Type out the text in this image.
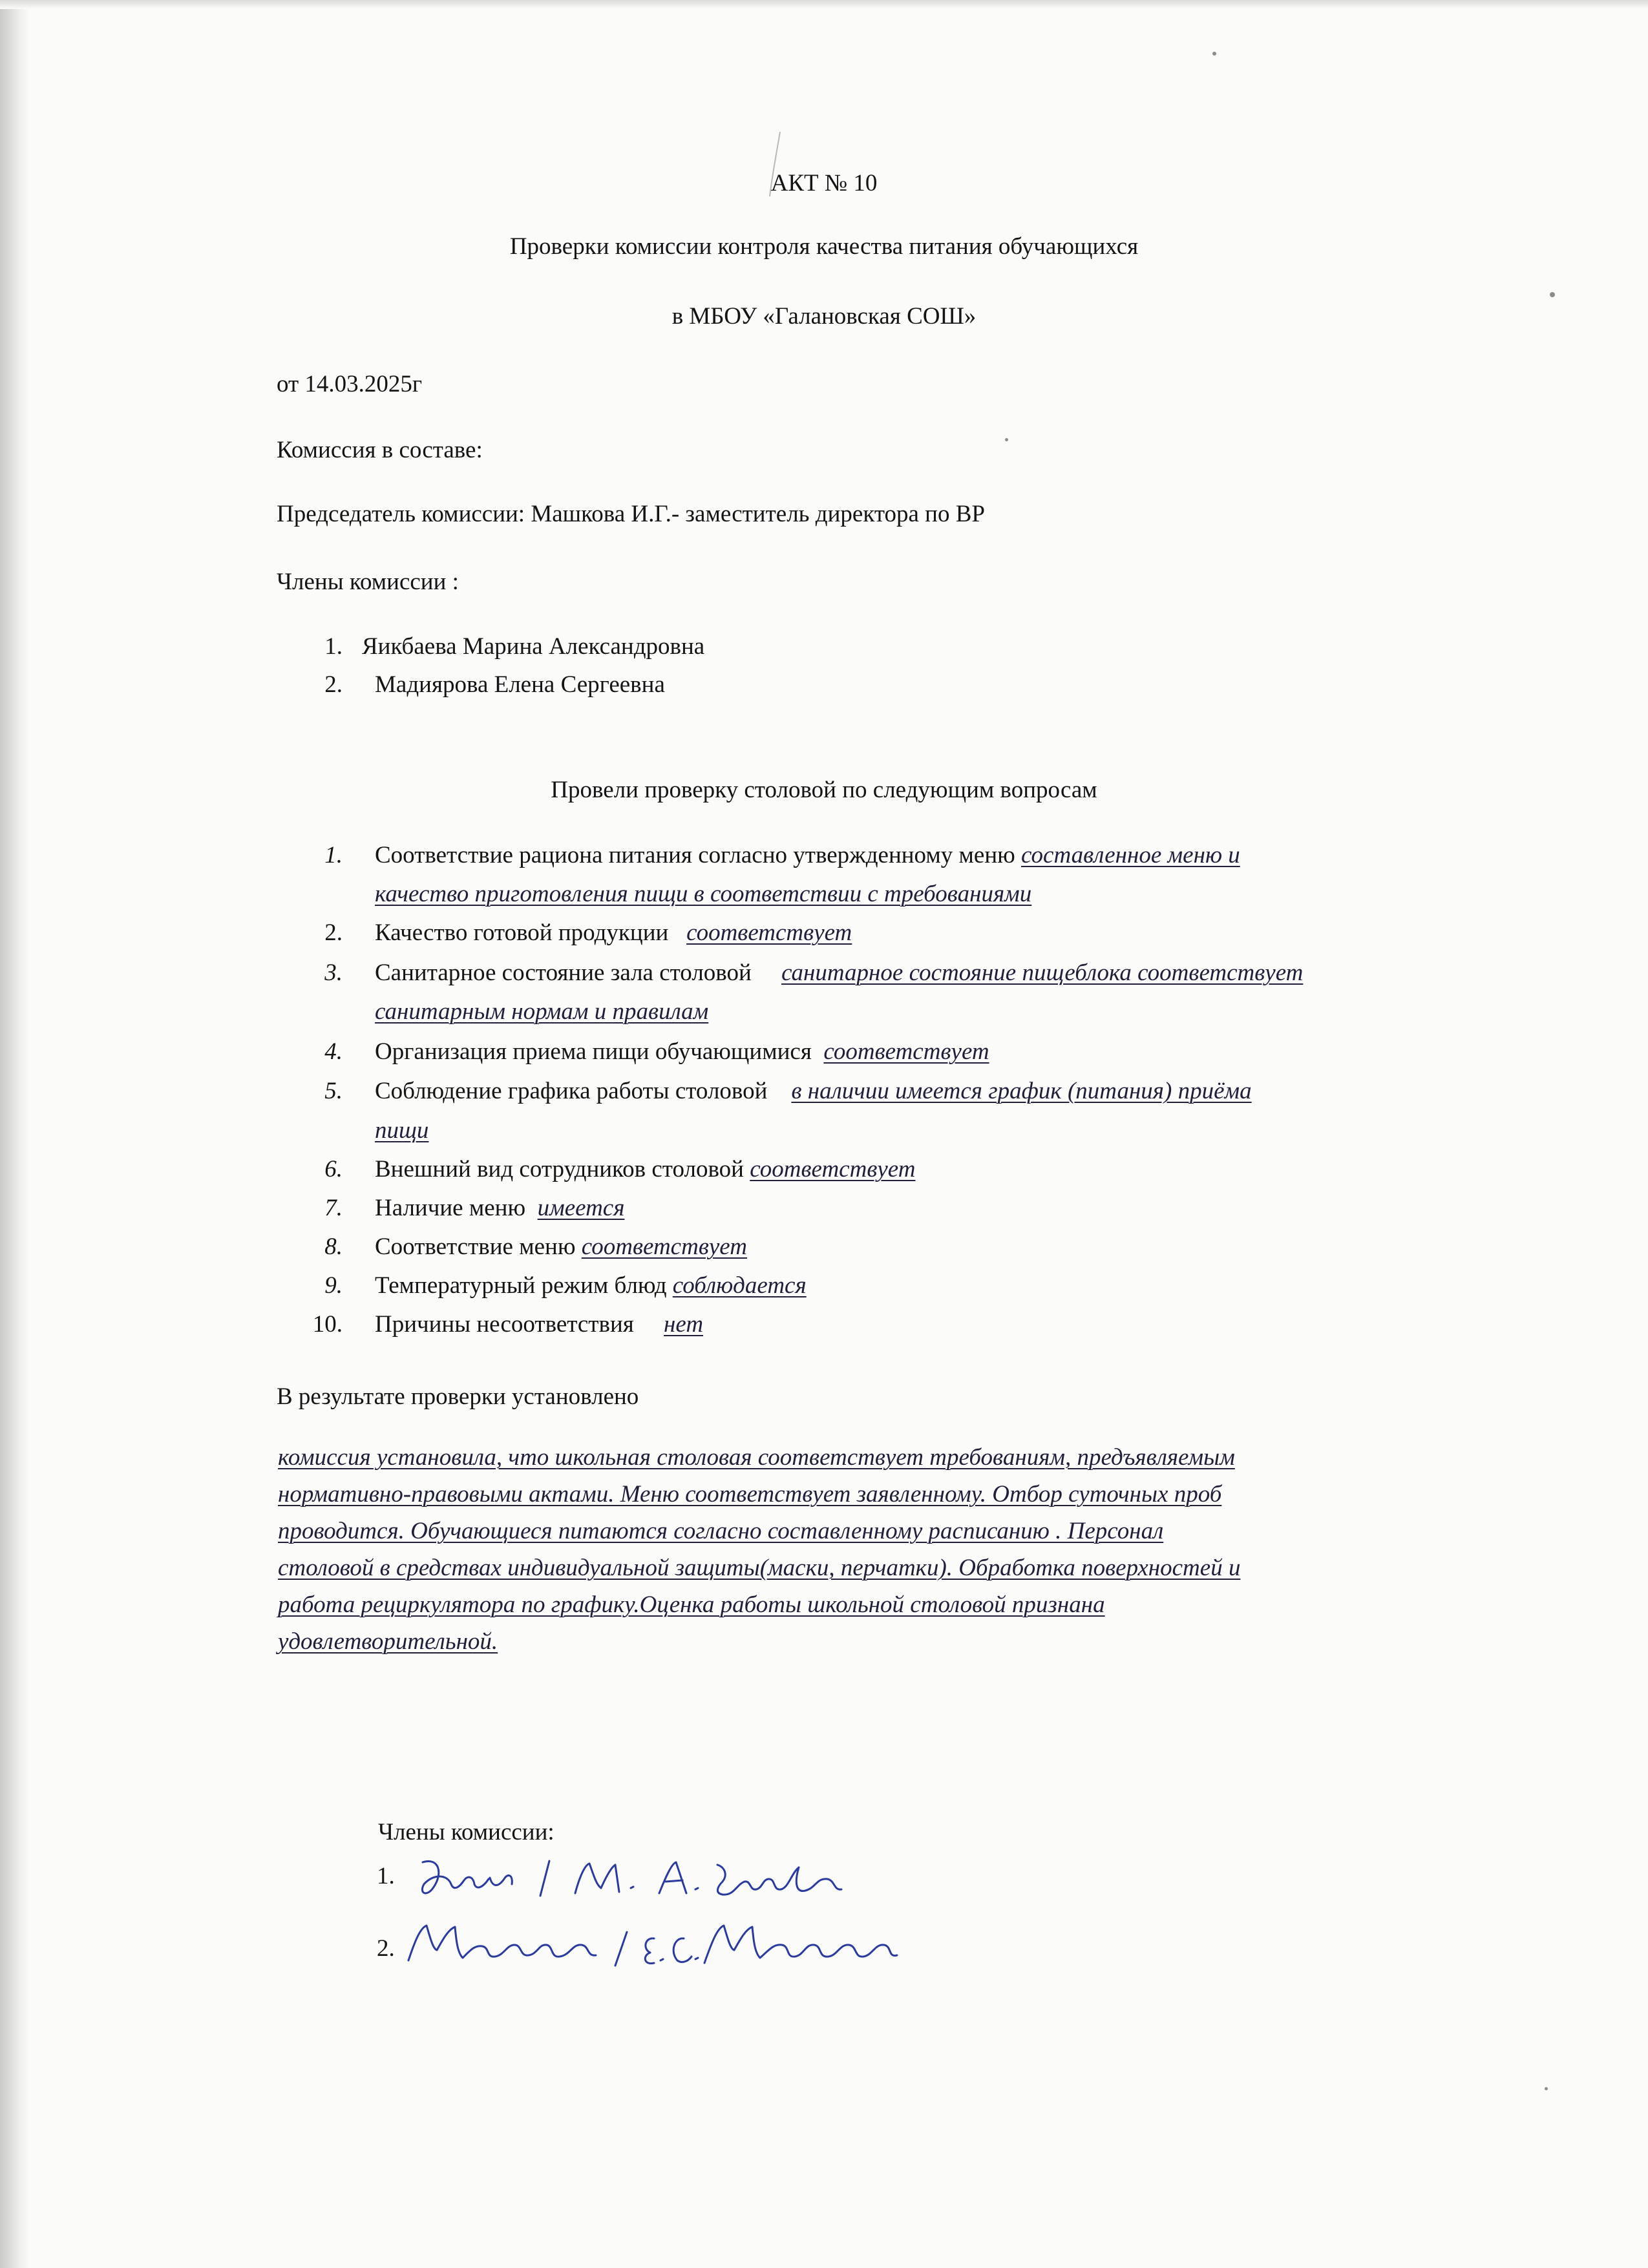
АКТ № 10
Проверки комиссии контроля качества питания обучающихся
в МБОУ «Галановская СОШ»
от 14.03.2025г
Комиссия в составе:
Председатель комиссии: Машкова И.Г.- заместитель директора по ВР
Члены комиссии :
1. Яикбаева Марина Александровна
2. Мадиярова Елена Сергеевна
Провели проверку столовой по следующим вопросам
1. Соответствие рациона питания согласно утвержденному меню составленное меню и
качество приготовления пищи в соответствии с требованиями
2. Качество готовой продукции соответствует
3. Санитарное состояние зала столовой санитарное состояние пищеблока соответствует
санитарным нормам и правилам
4. Организация приема пищи обучающимися соответствует
5. Соблюдение графика работы столовой в наличии имеется график (питания) приёма
пищи
6. Внешний вид сотрудников столовой соответствует
7. Наличие меню имеется
8. Соответствие меню соответствует
9. Температурный режим блюд соблюдается
10. Причины несоответствия нет
В результате проверки установлено
комиссия установила, что школьная столовая соответствует требованиям, предъявляемым
нормативно-правовыми актами. Меню соответствует заявленному. Отбор суточных проб
проводится. Обучающиеся питаются согласно составленному расписанию . Персонал
столовой в средствах индивидуальной защиты(маски, перчатки). Обработка поверхностей и
работа рециркулятора по графику.Оценка работы школьной столовой признана
удовлетворительной.
Члены комиссии:
1.
2.
